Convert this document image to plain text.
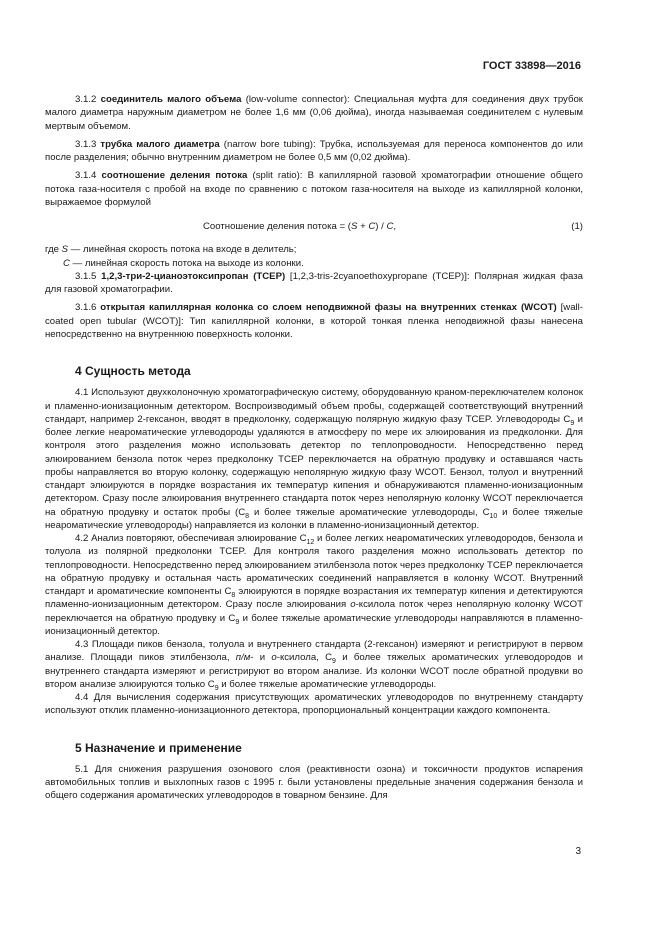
ГОСТ 33898—2016

3.1.2 соединитель малого объема (low-volume connector): Специальная муфта для соединения двух трубок малого диаметра наружным диаметром не более 1,6 мм (0,06 дюйма), иногда называемая соединителем с нулевым мертвым объемом.

3.1.3 трубка малого диаметра (narrow bore tubing): Трубка, используемая для переноса компонентов до или после разделения; обычно внутренним диаметром не более 0,5 мм (0,02 дюйма).

3.1.4 соотношение деления потока (split ratio): В капиллярной газовой хроматографии отношение общего потока газа-носителя с пробой на входе по сравнению с потоком газа-носителя на выходе из капиллярной колонки, выражаемое формулой

Соотношение деления потока = (S + C) / C,	(1)

где S — линейная скорость потока на входе в делитель;

C — линейная скорость потока на выходе из колонки.

3.1.5 1,2,3-три-2-цианоэтоксипропан (TCEP) [1,2,3-tris-2cyanoethoxypropane (TCEP)]: Полярная жидкая фаза для газовой хроматографии.

3.1.6 открытая капиллярная колонка со слоем неподвижной фазы на внутренних стенках (WCOT) [wall-coated open tubular (WCOT)]: Тип капиллярной колонки, в которой тонкая пленка неподвижной фазы нанесена непосредственно на внутреннюю поверхность колонки.

4 Сущность метода

4.1 Используют двухколоночную хроматографическую систему, оборудованную краном-переключателем колонок и пламенно-ионизационным детектором. Воспроизводимый объем пробы, содержащей соответствующий внутренний стандарт, например 2-гексанон, вводят в предколонку, содержащую полярную жидкую фазу TCEP. Углеводороды $C_9$ и более легкие неароматические углеводороды удаляются в атмосферу по мере их элюирования из предколонки. Для контроля этого разделения можно использовать детектор по теплопроводности. Непосредственно перед элюированием бензола поток через предколонку TCEP переключается на обратную продувку и оставшаяся часть пробы направляется во вторую колонку, содержащую неполярную жидкую фазу WCOT. Бензол, толуол и внутренний стандарт элюируются в порядке возрастания их температур кипения и обнаруживаются пламенно-ионизационным детектором. Сразу после элюирования внутреннего стандарта поток через неполярную колонку WCOT переключается на обратную продувку и остаток пробы ($C_8$ и более тяжелые ароматические углеводороды, $C_{10}$ и более тяжелые неароматические углеводороды) направляется из колонки в пламенно-ионизационный детектор.

4.2 Анализ повторяют, обеспечивая элюирование $C_{12}$ и более легких неароматических углеводородов, бензола и толуола из полярной предколонки TCEP. Для контроля такого разделения можно использовать детектор по теплопроводности. Непосредственно перед элюированием этилбензола поток через предколонку TCEP переключается на обратную продувку и остальная часть ароматических соединений направляется в колонку WCOT. Внутренний стандарт и ароматические компоненты $C_8$ элюируются в порядке возрастания их температур кипения и детектируются пламенно-ионизационным детектором. Сразу после элюирования о-ксилола поток через неполярную колонку WCOT переключается на обратную продувку и $C_9$ и более тяжелые ароматические углеводороды направляются в пламенно-ионизационный детектор.

4.3 Площади пиков бензола, толуола и внутреннего стандарта (2-гексанон) измеряют и регистрируют в первом анализе. Площади пиков этилбензола, п/м- и о-ксилола, $C_9$ и более тяжелых ароматических углеводородов и внутреннего стандарта измеряют и регистрируют во втором анализе. Из колонки WCOT после обратной продувки во втором анализе элюируются только $C_9$ и более тяжелые ароматические углеводороды.

4.4 Для вычисления содержания присутствующих ароматических углеводородов по внутреннему стандарту используют отклик пламенно-ионизационного детектора, пропорциональный концентрации каждого компонента.

5 Назначение и применение

5.1 Для снижения разрушения озонового слоя (реактивности озона) и токсичности продуктов испарения автомобильных топлив и выхлопных газов с 1995 г. были установлены предельные значения содержания бензола и общего содержания ароматических углеводородов в товарном бензине. Для

3
